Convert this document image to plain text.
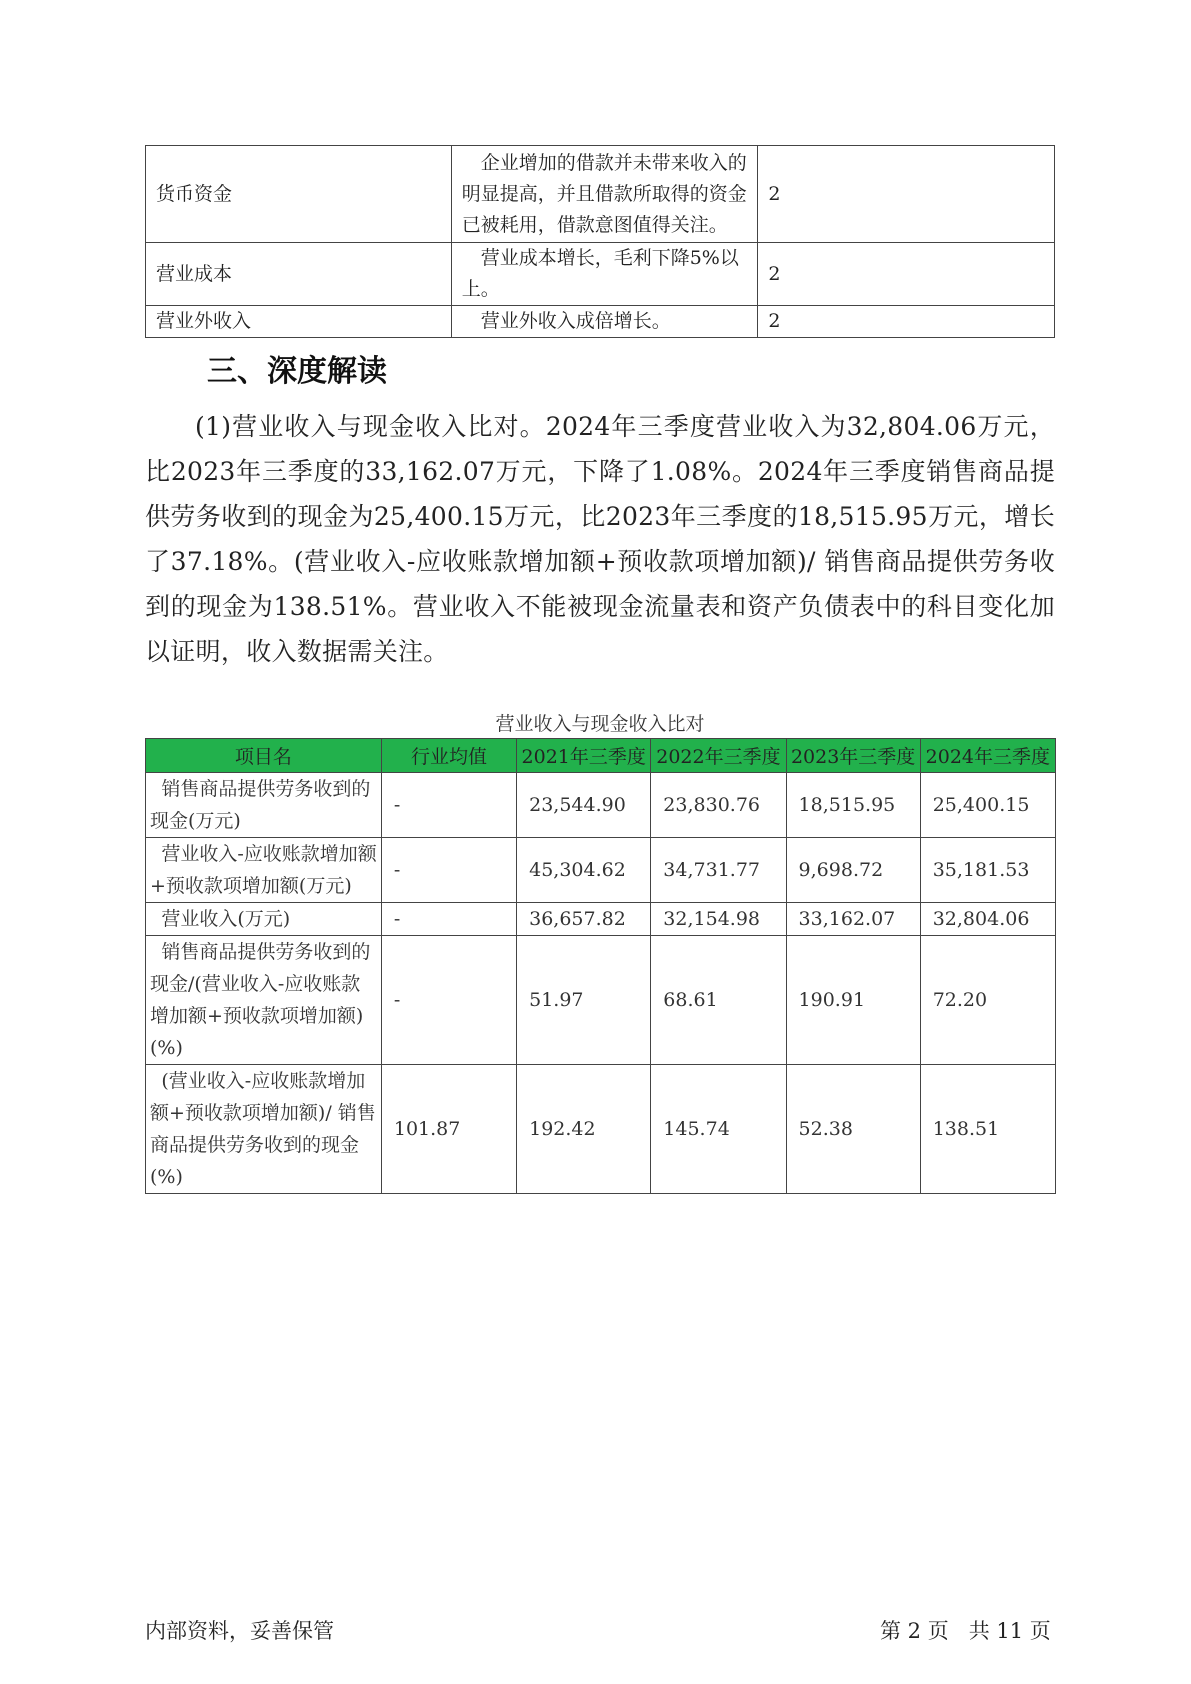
货币资金	企业增加的借款并未带来收入的明显提高，并且借款所取得的资金已被耗用，借款意图值得关注。	2
营业成本	营业成本增长，毛利下降5%以上。	2
营业外收入	营业外收入成倍增长。	2
三、深度解读

(1)营业收入与现金收入比对。2024年三季度营业收入为32,804.06万元，比2023年三季度的33,162.07万元，下降了1.08%。2024年三季度销售商品提供劳务收到的现金为25,400.15万元，比2023年三季度的18,515.95万元，增长了37.18%。(营业收入-应收账款增加额+预收款项增加额)/ 销售商品提供劳务收到的现金为138.51%。营业收入不能被现金流量表和资产负债表中的科目变化加以证明，收入数据需关注。

营业收入与现金收入比对
项目名	行业均值	2021年三季度	2022年三季度	2023年三季度	2024年三季度
销售商品提供劳务收到的现金(万元)	-	23,544.90	23,830.76	18,515.95	25,400.15
营业收入-应收账款增加额+预收款项增加额(万元)	-	45,304.62	34,731.77	9,698.72	35,181.53
营业收入(万元)	-	36,657.82	32,154.98	33,162.07	32,804.06
销售商品提供劳务收到的现金/(营业收入-应收账款增加额+预收款项增加额)(%)	-	51.97	68.61	190.91	72.20
(营业收入-应收账款增加额+预收款项增加额)/ 销售商品提供劳务收到的现金(%)	101.87	192.42	145.74	52.38	138.51
内部资料，妥善保管	第 2 页   共 11 页
